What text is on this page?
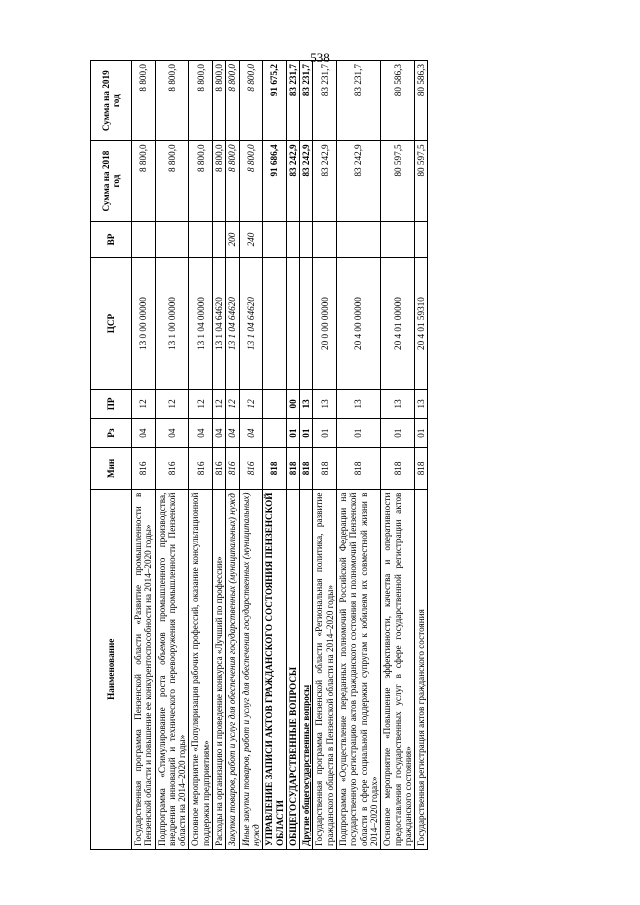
538
Наименование	Мин	Рз	ПР	ЦСР	ВР	Сумма на 2018 год	Сумма на 2019 год
Государственная программа Пензенской области «Развитие промышленности в Пензенской области и повышение ее конкурентоспособности на 2014–2020 годы»	816	04	12	13 0 00 00000		8 800,0	8 800,0
Подпрограмма «Стимулирование роста объемов промышленного производства, внедрения инноваций и технического перевооружения промышленности Пензенской области на 2014–2020 годы»	816	04	12	13 1 00 00000		8 800,0	8 800,0
Основное мероприятие «Популяризация рабочих профессий, оказание консультационной поддержки предприятиям»	816	04	12	13 1 04 00000		8 800,0	8 800,0
Расходы на организацию и проведение конкурса «Лучший по профессии»	816	04	12	13 1 04 64620		8 800,0	8 800,0
Закупка товаров, работ и услуг для обеспечения государственных (муниципальных) нужд	816	04	12	13 1 04 64620	200	8 800,0	8 800,0
Иные закупки товаров, работ и услуг для обеспечения государственных (муниципальных) нужд	816	04	12	13 1 04 64620	240	8 800,0	8 800,0
УПРАВЛЕНИЕ ЗАПИСИ АКТОВ ГРАЖДАНСКОГО СОСТОЯНИЯ ПЕНЗЕНСКОЙ ОБЛАСТИ	818					91 686,4	91 675,2
ОБЩЕГОСУДАРСТВЕННЫЕ ВОПРОСЫ	818	01	00			83 242,9	83 231,7
Другие общегосударственные вопросы	818	01	13			83 242,9	83 231,7
Государственная программа Пензенской области «Региональная политика, развитие гражданского общества в Пензенской области на 2014–2020 годы»	818	01	13	20 0 00 00000		83 242,9	83 231,7
Подпрограмма «Осуществление переданных полномочий Российской Федерации на государственную регистрацию актов гражданского состояния и полномочий Пензенской области в сфере социальной поддержки супругам к юбилеям их совместной жизни в 2014–2020 годах»	818	01	13	20 4 00 00000		83 242,9	83 231,7
Основное мероприятие «Повышение эффективности, качества и оперативности предоставления государственных услуг в сфере государственной регистрации актов гражданского состояния»	818	01	13	20 4 01 00000		80 597,5	80 586,3
Государственная регистрация актов гражданского состояния	818	01	13	20 4 01 59310		80 597,5	80 586,3
